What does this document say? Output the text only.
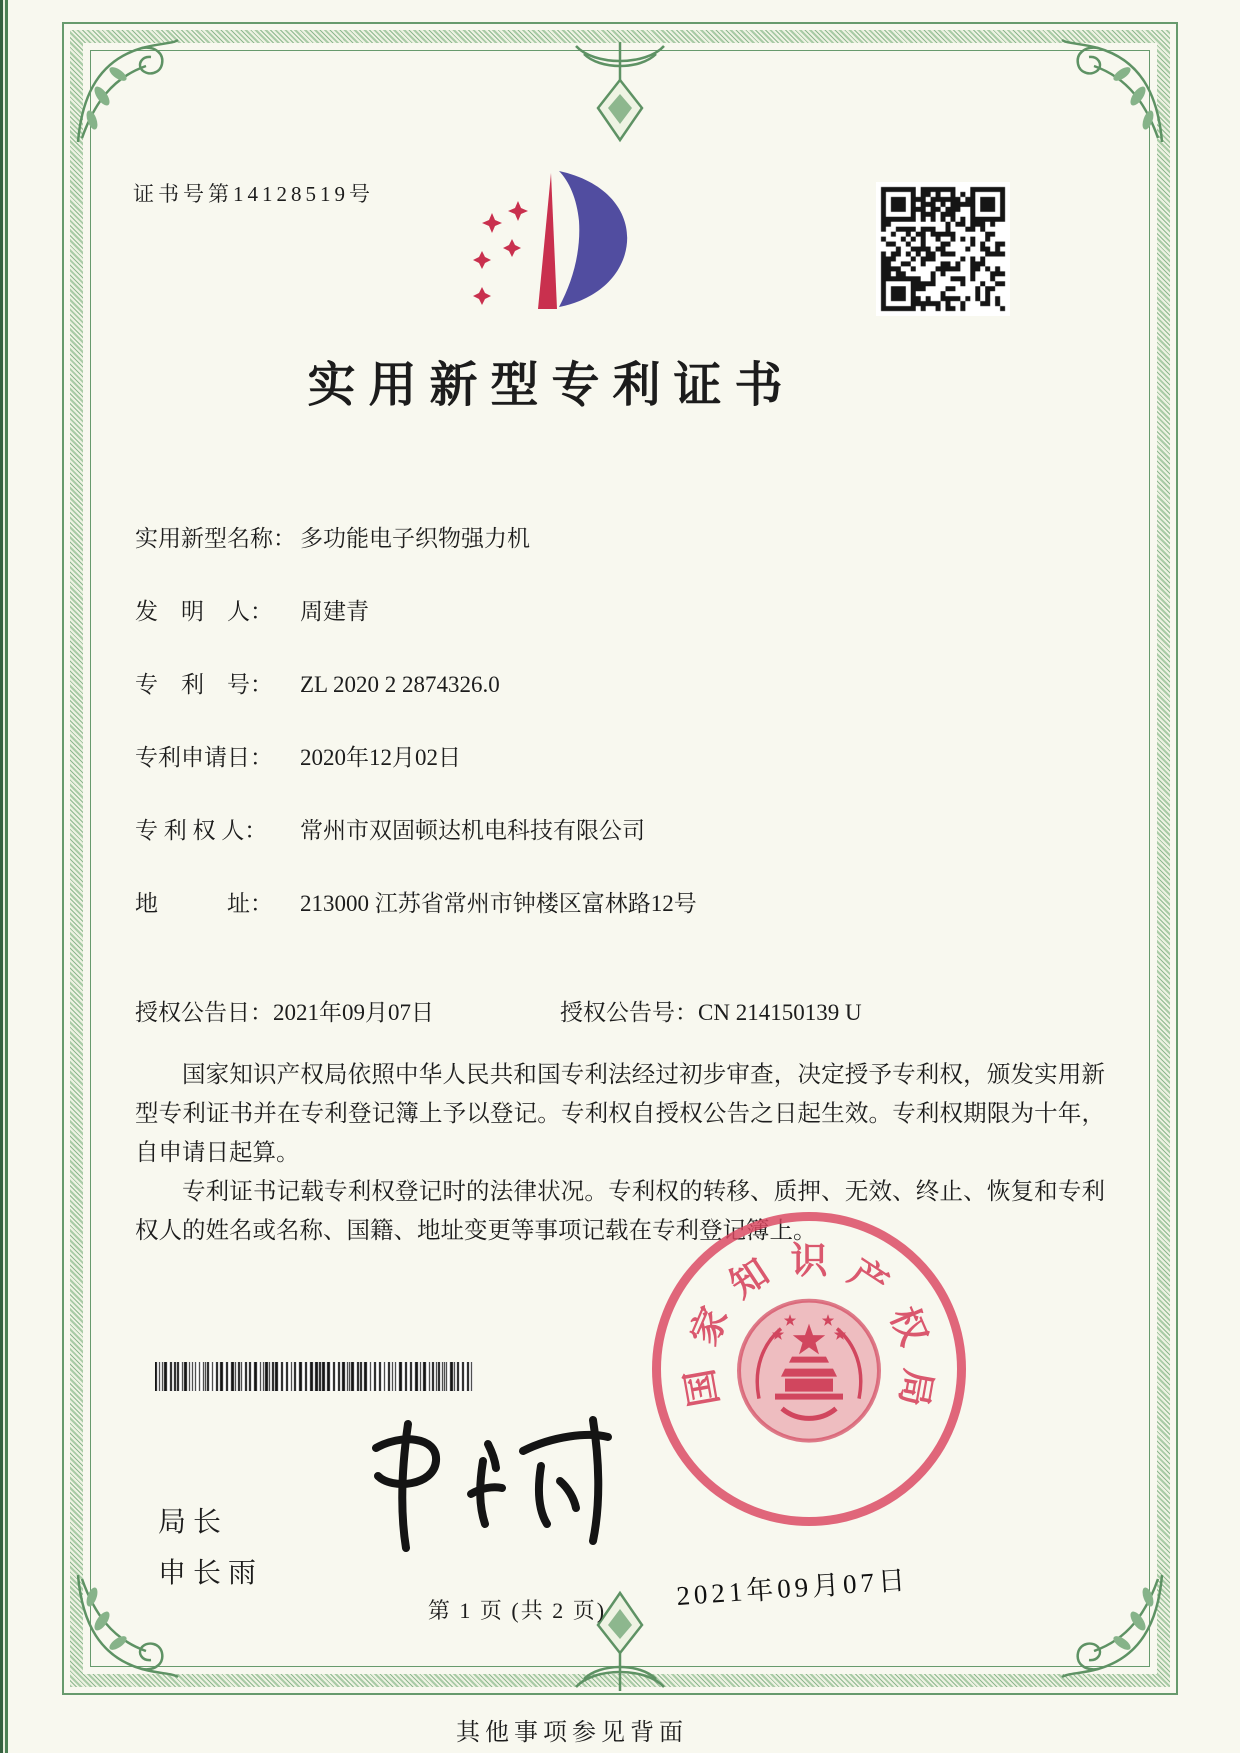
证书号第14128519号
实用新型专利证书
实用新型名称： 多功能电子织物强力机
发　明　人： 周建青
专　利　号： ZL 2020 2 2874326.0
专利申请日： 2020年12月02日
专 利 权 人： 常州市双固顿达机电科技有限公司
地　　　址： 213000 江苏省常州市钟楼区富林路12号
授权公告日：2021年09月07日	授权公告号：CN 214150139 U

国家知识产权局依照中华人民共和国专利法经过初步审查，决定授予专利权，颁发实用新型专利证书并在专利登记簿上予以登记。专利权自授权公告之日起生效。专利权期限为十年，自申请日起算。

专利证书记载专利权登记时的法律状况。专利权的转移、质押、无效、终止、恢复和专利权人的姓名或名称、国籍、地址变更等事项记载在专利登记簿上。

局长
申长雨
国
家
知 识 产
权
局
2021年09月07日
第 1 页 (共 2 页)
其他事项参见背面
